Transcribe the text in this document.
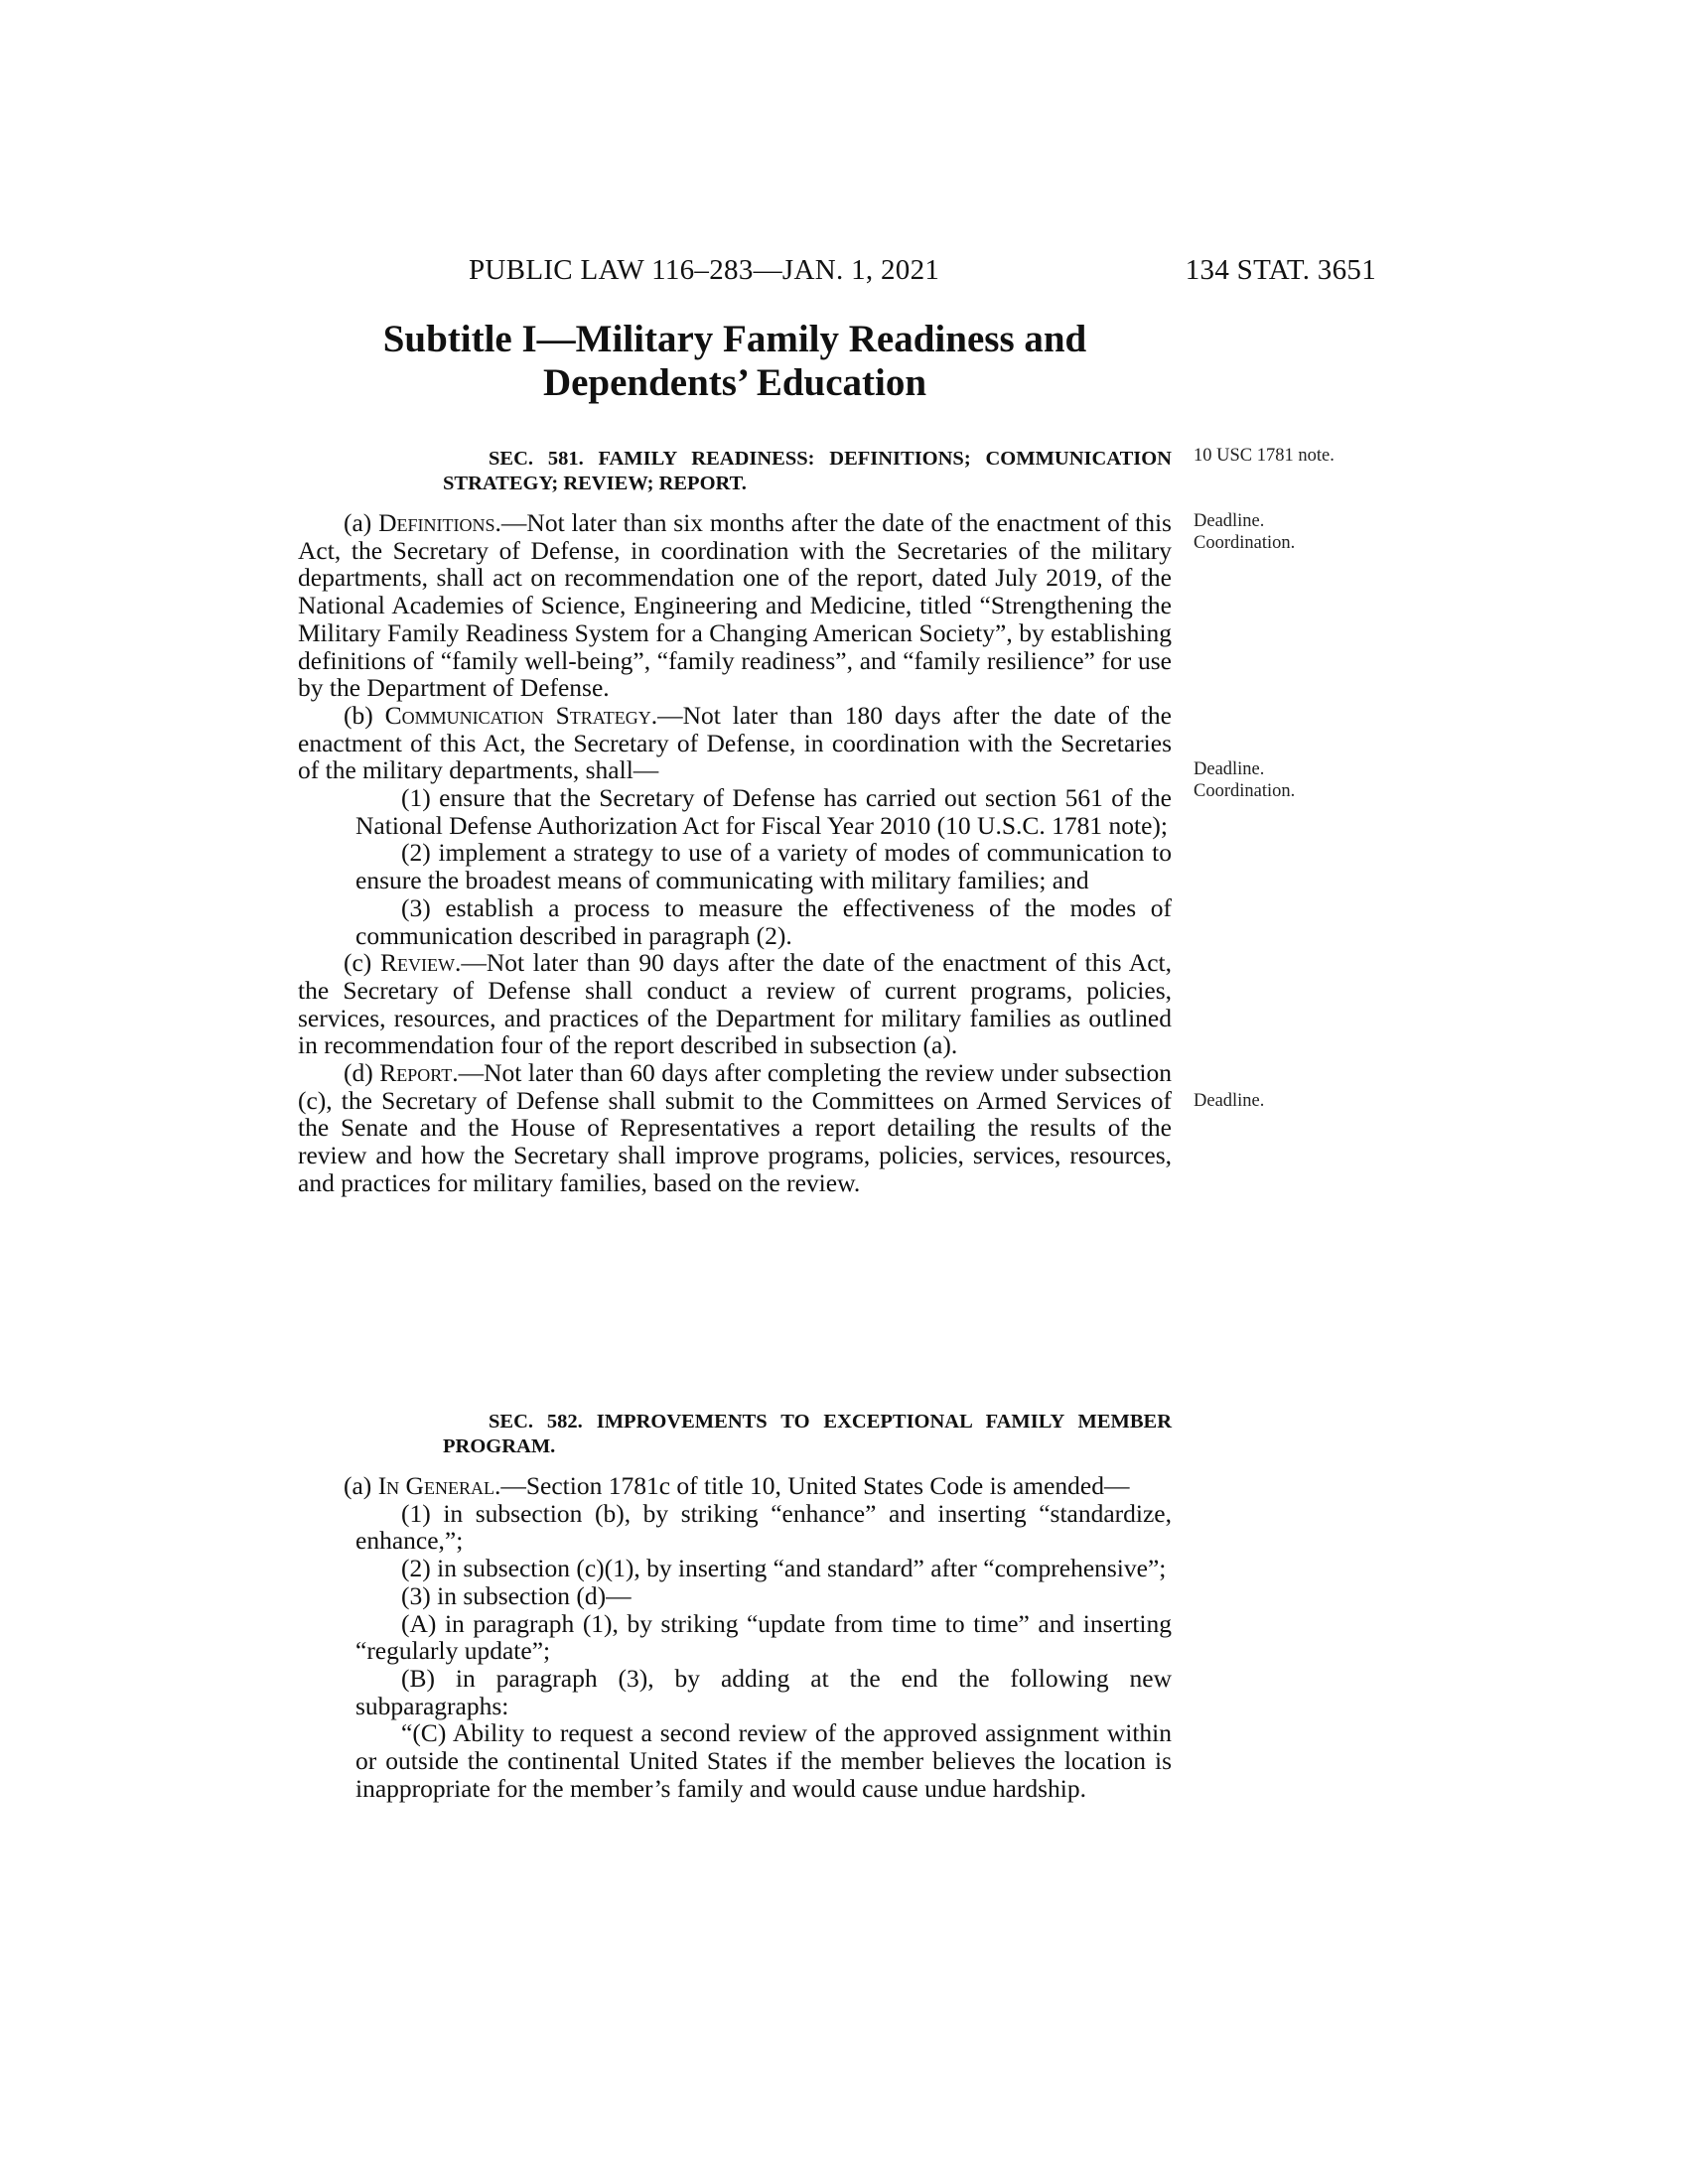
PUBLIC LAW 116–283—JAN. 1, 2021	134 STAT. 3651
Subtitle I—Military Family Readiness and
Dependents’ Education

SEC. 581. FAMILY READINESS: DEFINITIONS; COMMUNICATION STRATEGY; REVIEW; REPORT.

(a) Definitions.—Not later than six months after the date of the enactment of this Act, the Secretary of Defense, in coordination with the Secretaries of the military departments, shall act on recommendation one of the report, dated July 2019, of the National Academies of Science, Engineering and Medicine, titled “Strengthening the Military Family Readiness System for a Changing American Society”, by establishing definitions of “family well-being”, “family readiness”, and “family resilience” for use by the Department of Defense.

(b) Communication Strategy.—Not later than 180 days after the date of the enactment of this Act, the Secretary of Defense, in coordination with the Secretaries of the military departments, shall—

(1) ensure that the Secretary of Defense has carried out section 561 of the National Defense Authorization Act for Fiscal Year 2010 (10 U.S.C. 1781 note);

(2) implement a strategy to use of a variety of modes of communication to ensure the broadest means of communicating with military families; and

(3) establish a process to measure the effectiveness of the modes of communication described in paragraph (2).

(c) Review.—Not later than 90 days after the date of the enactment of this Act, the Secretary of Defense shall conduct a review of current programs, policies, services, resources, and practices of the Department for military families as outlined in recommendation four of the report described in subsection (a).

(d) Report.—Not later than 60 days after completing the review under subsection (c), the Secretary of Defense shall submit to the Committees on Armed Services of the Senate and the House of Representatives a report detailing the results of the review and how the Secretary shall improve programs, policies, services, resources, and practices for military families, based on the review.

SEC. 582. IMPROVEMENTS TO EXCEPTIONAL FAMILY MEMBER PROGRAM.

(a) In General.—Section 1781c of title 10, United States Code is amended—

(1) in subsection (b), by striking “enhance” and inserting “standardize, enhance,”;

(2) in subsection (c)(1), by inserting “and standard” after “comprehensive”;

(3) in subsection (d)—

(A) in paragraph (1), by striking “update from time to time” and inserting “regularly update”;

(B) in paragraph (3), by adding at the end the following new subparagraphs:

“(C) Ability to request a second review of the approved assignment within or outside the continental United States if the member believes the location is inappropriate for the member’s family and would cause undue hardship.

10 USC 1781 note.
Deadline.
Coordination.
Deadline.
Coordination.
Deadline.
